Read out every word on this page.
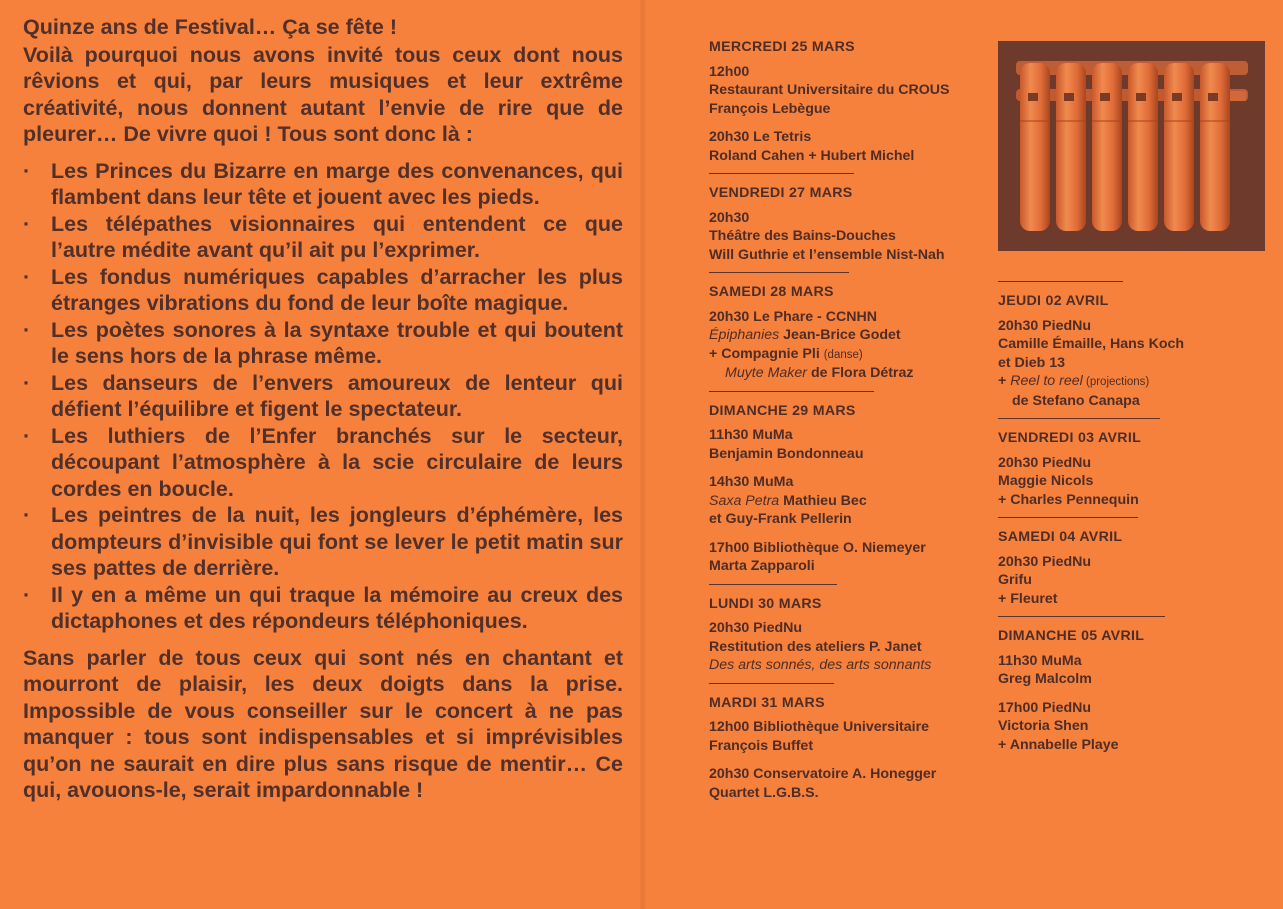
Quinze ans de Festival… Ça se fête !

Voilà pourquoi nous avons invité tous ceux dont nous rêvions et qui, par leurs musiques et leur extrême créativité, nous donnent autant l’envie de rire que de pleurer… De vivre quoi ! Tous sont donc là :

· Les Princes du Bizarre en marge des convenances, qui flambent dans leur tête et jouent avec les pieds.
· Les télépathes visionnaires qui entendent ce que l’autre médite avant qu’il ait pu l’exprimer.
· Les fondus numériques capables d’arracher les plus étranges vibrations du fond de leur boîte magique.
· Les poètes sonores à la syntaxe trouble et qui boutent le sens hors de la phrase même.
· Les danseurs de l’envers amoureux de lenteur qui défient l’équilibre et figent le spectateur.
· Les luthiers de l’Enfer branchés sur le secteur, découpant l’atmosphère à la scie circulaire de leurs cordes en boucle.
· Les peintres de la nuit, les jongleurs d’éphémère, les dompteurs d’invisible qui font se lever le petit matin sur ses pattes de derrière.
· Il y en a même un qui traque la mémoire au creux des dictaphones et des répondeurs téléphoniques.

Sans parler de tous ceux qui sont nés en chantant et mourront de plaisir, les deux doigts dans la prise. Impossible de vous conseiller sur le concert à ne pas manquer : tous sont indispensables et si imprévisibles qu’on ne saurait en dire plus sans risque de mentir… Ce qui, avouons-le, serait impardonnable !

MERCREDI 25 MARS
12h00
Restaurant Universitaire du CROUS
François Lebègue
20h30 Le Tetris
Roland Cahen + Hubert Michel
VENDREDI 27 MARS
20h30
Théâtre des Bains-Douches
Will Guthrie et l’ensemble Nist-Nah
SAMEDI 28 MARS
20h30 Le Phare - CCNHN
Épiphanies Jean-Brice Godet
+ Compagnie Pli (danse)
Muyte Maker de Flora Détraz
DIMANCHE 29 MARS
11h30 MuMa
Benjamin Bondonneau
14h30 MuMa
Saxa Petra Mathieu Bec
et Guy-Frank Pellerin
17h00 Bibliothèque O. Niemeyer
Marta Zapparoli
LUNDI 30 MARS
20h30 PiedNu
Restitution des ateliers P. Janet
Des arts sonnés, des arts sonnants
MARDI 31 MARS
12h00 Bibliothèque Universitaire
François Buffet
20h30 Conservatoire A. Honegger
Quartet L.G.B.S.
JEUDI 02 AVRIL
20h30 PiedNu
Camille Émaille, Hans Koch
et Dieb 13
+ Reel to reel (projections)
de Stefano Canapa
VENDREDI 03 AVRIL
20h30 PiedNu
Maggie Nicols
+ Charles Pennequin
SAMEDI 04 AVRIL
20h30 PiedNu
Grifu
+ Fleuret
DIMANCHE 05 AVRIL
11h30 MuMa
Greg Malcolm
17h00 PiedNu
Victoria Shen
+ Annabelle Playe
